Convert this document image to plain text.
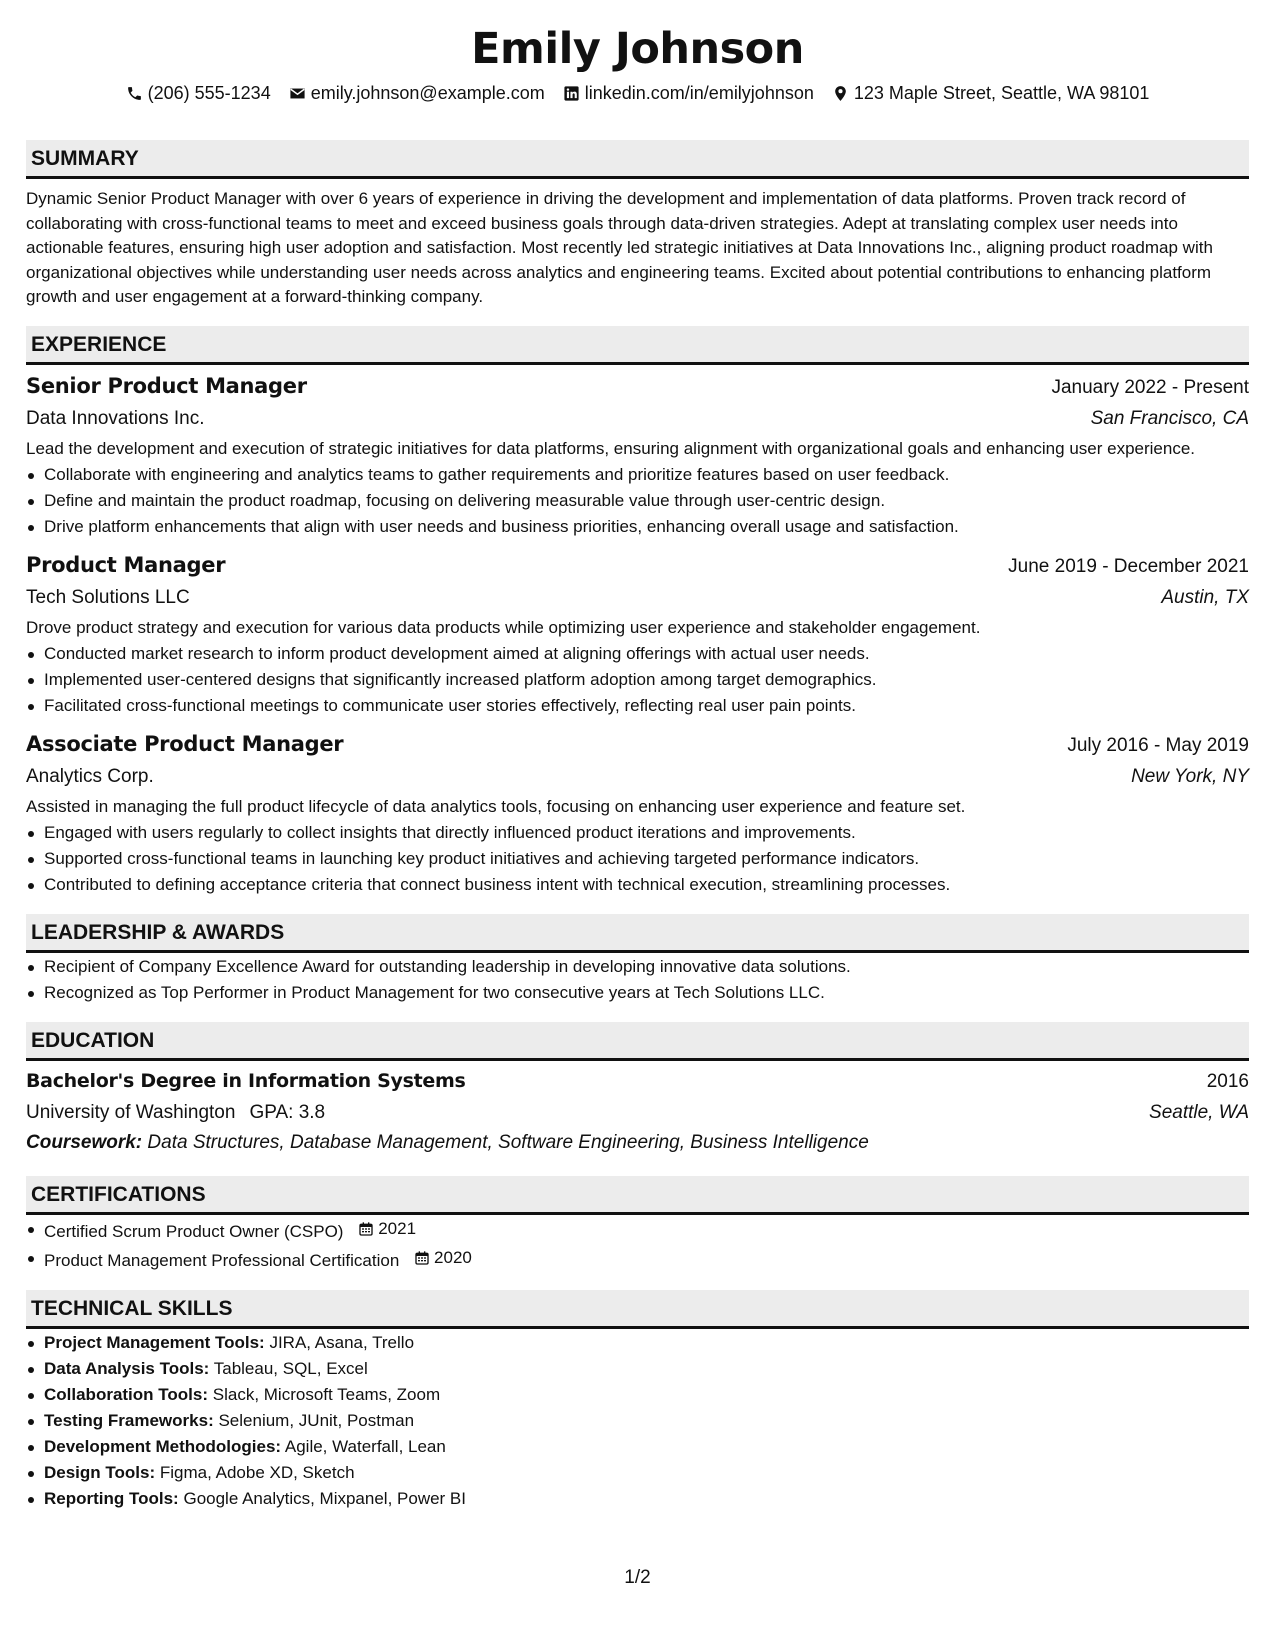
Emily Johnson
(206) 555-1234 emily.johnson@example.com linkedin.com/in/emilyjohnson 123 Maple Street, Seattle, WA 98101
SUMMARY
Dynamic Senior Product Manager with over 6 years of experience in driving the development and implementation of data platforms. Proven track record of collaborating with cross-functional teams to meet and exceed business goals through data-driven strategies. Adept at translating complex user needs into actionable features, ensuring high user adoption and satisfaction. Most recently led strategic initiatives at Data Innovations Inc., aligning product roadmap with organizational objectives while understanding user needs across analytics and engineering teams. Excited about potential contributions to enhancing platform growth and user engagement at a forward-thinking company.
EXPERIENCE
Senior Product Manager	January 2022 - Present
Data Innovations Inc.	San Francisco, CA
Lead the development and execution of strategic initiatives for data platforms, ensuring alignment with organizational goals and enhancing user experience.
Collaborate with engineering and analytics teams to gather requirements and prioritize features based on user feedback.
Define and maintain the product roadmap, focusing on delivering measurable value through user-centric design.
Drive platform enhancements that align with user needs and business priorities, enhancing overall usage and satisfaction.
Product Manager	June 2019 - December 2021
Tech Solutions LLC	Austin, TX
Drove product strategy and execution for various data products while optimizing user experience and stakeholder engagement.
Conducted market research to inform product development aimed at aligning offerings with actual user needs.
Implemented user-centered designs that significantly increased platform adoption among target demographics.
Facilitated cross-functional meetings to communicate user stories effectively, reflecting real user pain points.
Associate Product Manager	July 2016 - May 2019
Analytics Corp.	New York, NY
Assisted in managing the full product lifecycle of data analytics tools, focusing on enhancing user experience and feature set.
Engaged with users regularly to collect insights that directly influenced product iterations and improvements.
Supported cross-functional teams in launching key product initiatives and achieving targeted performance indicators.
Contributed to defining acceptance criteria that connect business intent with technical execution, streamlining processes.
LEADERSHIP & AWARDS
Recipient of Company Excellence Award for outstanding leadership in developing innovative data solutions.
Recognized as Top Performer in Product Management for two consecutive years at Tech Solutions LLC.
EDUCATION
Bachelor's Degree in Information Systems	2016
University of Washington GPA: 3.8	Seattle, WA
Coursework: Data Structures, Database Management, Software Engineering, Business Intelligence
CERTIFICATIONS
Certified Scrum Product Owner (CSPO) 2021
Product Management Professional Certification 2020
TECHNICAL SKILLS
Project Management Tools: JIRA, Asana, Trello
Data Analysis Tools: Tableau, SQL, Excel
Collaboration Tools: Slack, Microsoft Teams, Zoom
Testing Frameworks: Selenium, JUnit, Postman
Development Methodologies: Agile, Waterfall, Lean
Design Tools: Figma, Adobe XD, Sketch
Reporting Tools: Google Analytics, Mixpanel, Power BI
1/2
